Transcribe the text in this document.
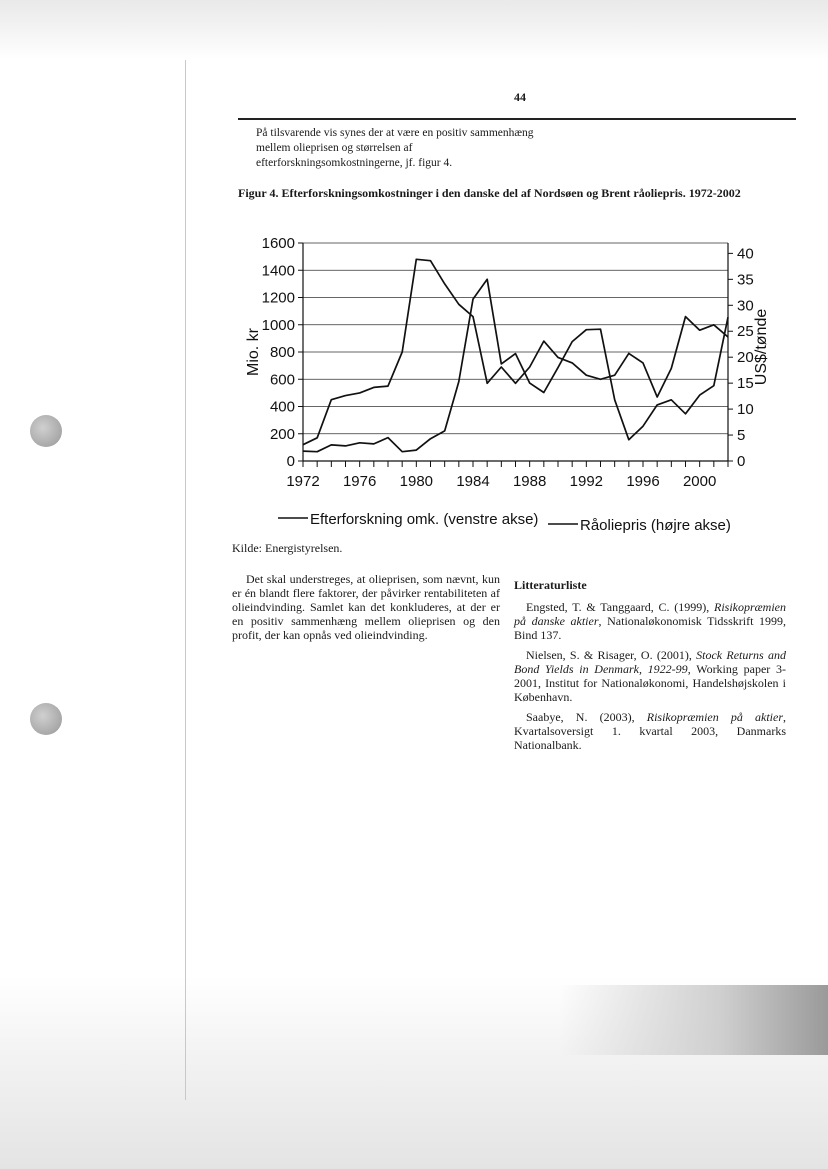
44
På tilsvarende vis synes der at være en positiv sammenhæng mellem olieprisen og størrelsen af efterforskningsomkostningerne, jf. figur 4.
Figur 4. Efterforskningsomkostninger i den danske del af Nordsøen og Brent råoliepris. 1972-2002
0
200
400
600
800
1000
1200
1400
1600
0
5
10
15
20
25
30
35
40
1972 1976 1980 1984 1988 1992 1996 2000
Mio. kr	US$/tønde
Efterforskning omk. (venstre akse)	Råoliepris (højre akse)
Kilde: Energistyrelsen.

Det skal understreges, at olieprisen, som nævnt, kun er én blandt flere faktorer, der påvirker rentabiliteten af olieindvinding. Samlet kan det konkluderes, at der er en positiv sammenhæng mellem olieprisen og den profit, der kan opnås ved olieindvinding.

Litteraturliste

Engsted, T. & Tanggaard, C. (1999), Risikopræmien på danske aktier, Nationaløkonomisk Tidsskrift 1999, Bind 137.

Nielsen, S. & Risager, O. (2001), Stock Returns and Bond Yields in Denmark, 1922-99, Working paper 3-2001, Institut for Nationaløkonomi, Handelshøjskolen i København.

Saabye, N. (2003), Risikopræmien på aktier, Kvartalsoversigt 1. kvartal 2003, Danmarks Nationalbank.
